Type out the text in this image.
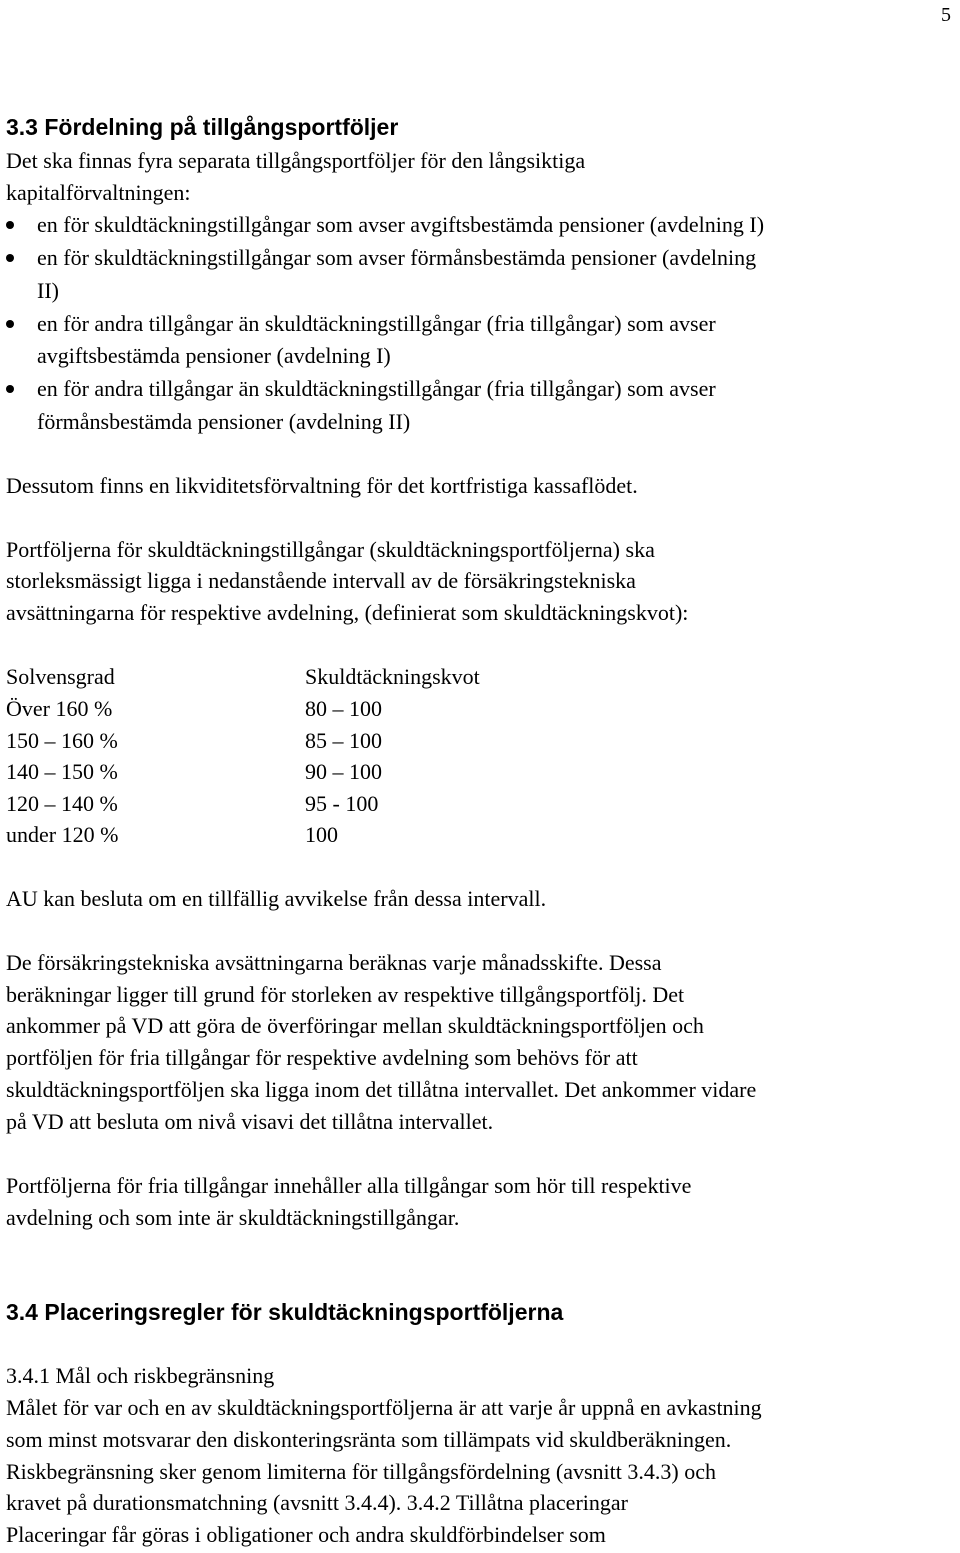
5
3.3 Fördelning på tillgångsportföljer
Det ska finnas fyra separata tillgångsportföljer för den långsiktiga
kapitalförvaltningen:
en för skuldtäckningstillgångar som avser avgiftsbestämda pensioner (avdelning I)
en för skuldtäckningstillgångar som avser förmånsbestämda pensioner (avdelning
II)
en för andra tillgångar än skuldtäckningstillgångar (fria tillgångar) som avser
avgiftsbestämda pensioner (avdelning I)
en för andra tillgångar än skuldtäckningstillgångar (fria tillgångar) som avser
förmånsbestämda pensioner (avdelning II)
Dessutom finns en likviditetsförvaltning för det kortfristiga kassaflödet.
Portföljerna för skuldtäckningstillgångar (skuldtäckningsportföljerna) ska
storleksmässigt ligga i nedanstående intervall av de försäkringstekniska
avsättningarna för respektive avdelning, (definierat som skuldtäckningskvot):
Solvensgrad	Skuldtäckningskvot
Över 160 %	80 – 100
150 – 160 %	85 – 100
140 – 150 %	90 – 100
120 – 140 %	95 - 100
under 120 %	100
AU kan besluta om en tillfällig avvikelse från dessa intervall.
De försäkringstekniska avsättningarna beräknas varje månadsskifte. Dessa
beräkningar ligger till grund för storleken av respektive tillgångsportfölj. Det
ankommer på VD att göra de överföringar mellan skuldtäckningsportföljen och
portföljen för fria tillgångar för respektive avdelning som behövs för att
skuldtäckningsportföljen ska ligga inom det tillåtna intervallet. Det ankommer vidare
på VD att besluta om nivå visavi det tillåtna intervallet.
Portföljerna för fria tillgångar innehåller alla tillgångar som hör till respektive
avdelning och som inte är skuldtäckningstillgångar.
3.4 Placeringsregler för skuldtäckningsportföljerna
3.4.1 Mål och riskbegränsning
Målet för var och en av skuldtäckningsportföljerna är att varje år uppnå en avkastning
som minst motsvarar den diskonteringsränta som tillämpats vid skuldberäkningen.
Riskbegränsning sker genom limiterna för tillgångsfördelning (avsnitt 3.4.3) och
kravet på durationsmatchning (avsnitt 3.4.4). 3.4.2 Tillåtna placeringar
Placeringar får göras i obligationer och andra skuldförbindelser som
